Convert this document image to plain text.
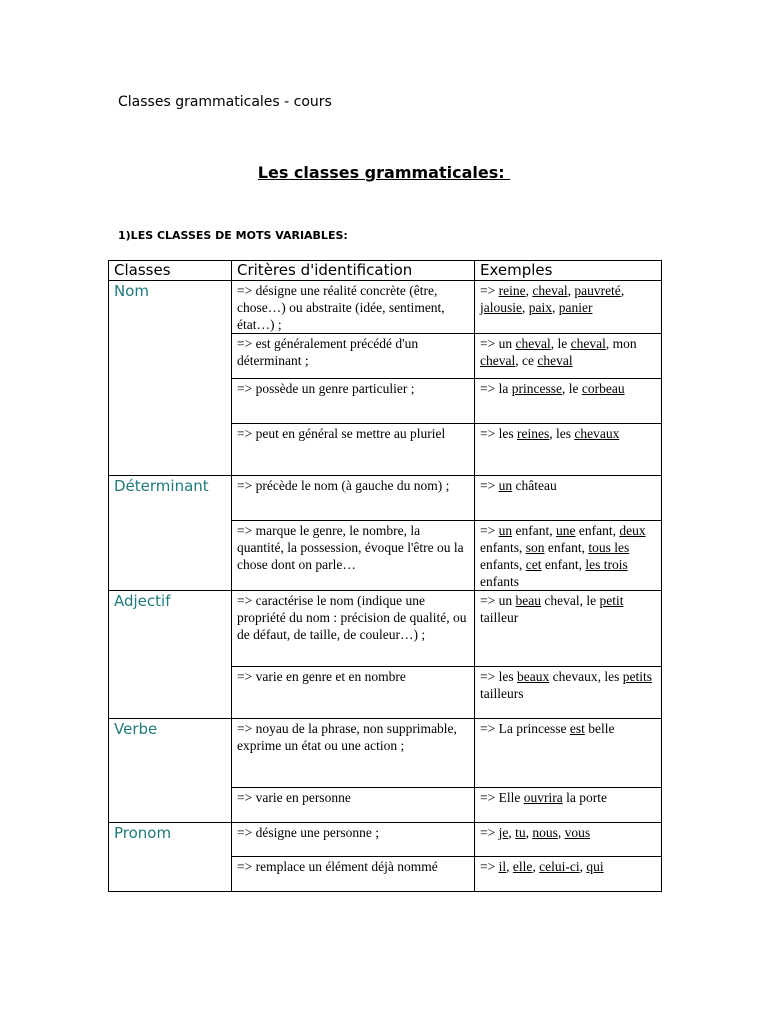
Classes grammaticales - cours
Les classes grammaticales:
1)LES CLASSES DE MOTS VARIABLES:
Classes	Critères d'identification	Exemples
Nom	=> désigne une réalité concrète (être, chose…) ou abstraite (idée, sentiment, état…) ;	=> reine, cheval, pauvreté, jalousie, paix, panier
	=> est généralement précédé d'un déterminant ;	=> un cheval, le cheval, mon cheval, ce cheval
	=> possède un genre particulier ;	=> la princesse, le corbeau
	=> peut en général se mettre au pluriel	=> les reines, les chevaux
Déterminant	=> précède le nom (à gauche du nom) ;	=> un château
	=> marque le genre, le nombre, la quantité, la possession, évoque l'être ou la chose dont on parle…	=> un enfant, une enfant, deux enfants, son enfant, tous les enfants, cet enfant, les trois enfants
Adjectif	=> caractérise le nom (indique une propriété du nom : précision de qualité, ou de défaut, de taille, de couleur…) ;	=> un beau cheval, le petit tailleur
	=> varie en genre et en nombre	=> les beaux chevaux, les petits tailleurs
Verbe	=> noyau de la phrase, non supprimable, exprime un état ou une action ;	=> La princesse est belle
	=> varie en personne	=> Elle ouvrira la porte
Pronom	=> désigne une personne ;	=> je, tu, nous, vous
	=> remplace un élément déjà nommé	=> il, elle, celui-ci, qui
